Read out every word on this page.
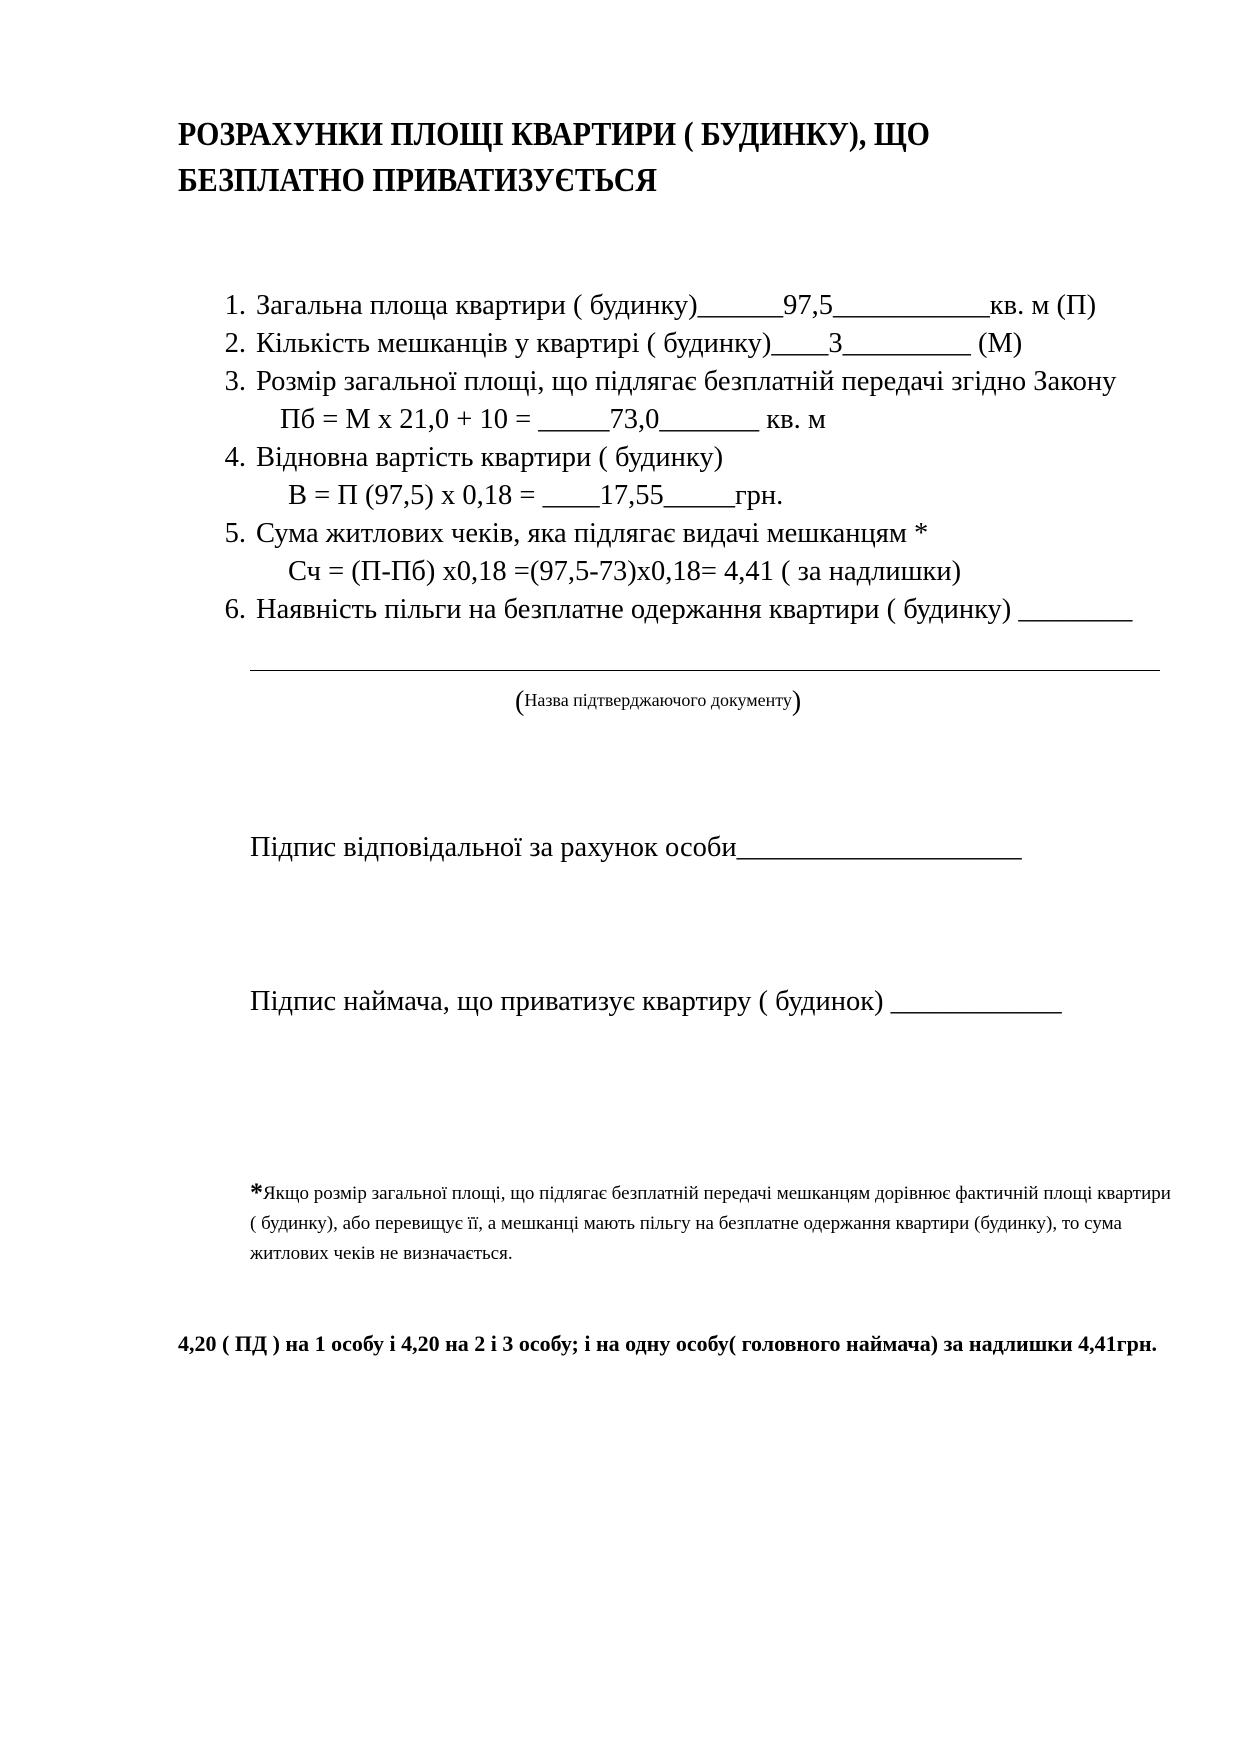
РОЗРАХУНКИ ПЛОЩІ КВАРТИРИ ( БУДИНКУ), ЩО
БЕЗПЛАТНО ПРИВАТИЗУЄТЬСЯ
1. Загальна площа квартири ( будинку)______97,5___________кв. м (П)
2. Кількість мешканців у квартирі ( будинку)____3_________ (М)
3. Розмір загальної площі, що підлягає безплатній передачі згідно Закону
Пб = М х 21,0 + 10 = _____73,0_______ кв. м
4. Відновна вартість квартири ( будинку)
В = П (97,5) х 0,18 = ____17,55_____грн.
5. Сума житлових чеків, яка підлягає видачі мешканцям *
Сч = (П-Пб) х0,18 =(97,5-73)х0,18= 4,41 ( за надлишки)
6. Наявність пільги на безплатне одержання квартири ( будинку) ________
(Назва підтверджаючого документу)
Підпис відповідальної за рахунок особи____________________
Підпис наймача, що приватизує квартиру ( будинок) ____________
*Якщо розмір загальної площі, що підлягає безплатній передачі мешканцям дорівнює фактичній площі квартири ( будинку), або перевищує її, а мешканці мають пільгу на безплатне одержання квартири (будинку), то сума житлових чеків не визначається.
4,20 ( ПД ) на 1 особу і 4,20 на 2 і 3 особу; і на одну особу( головного наймача) за надлишки 4,41грн.
